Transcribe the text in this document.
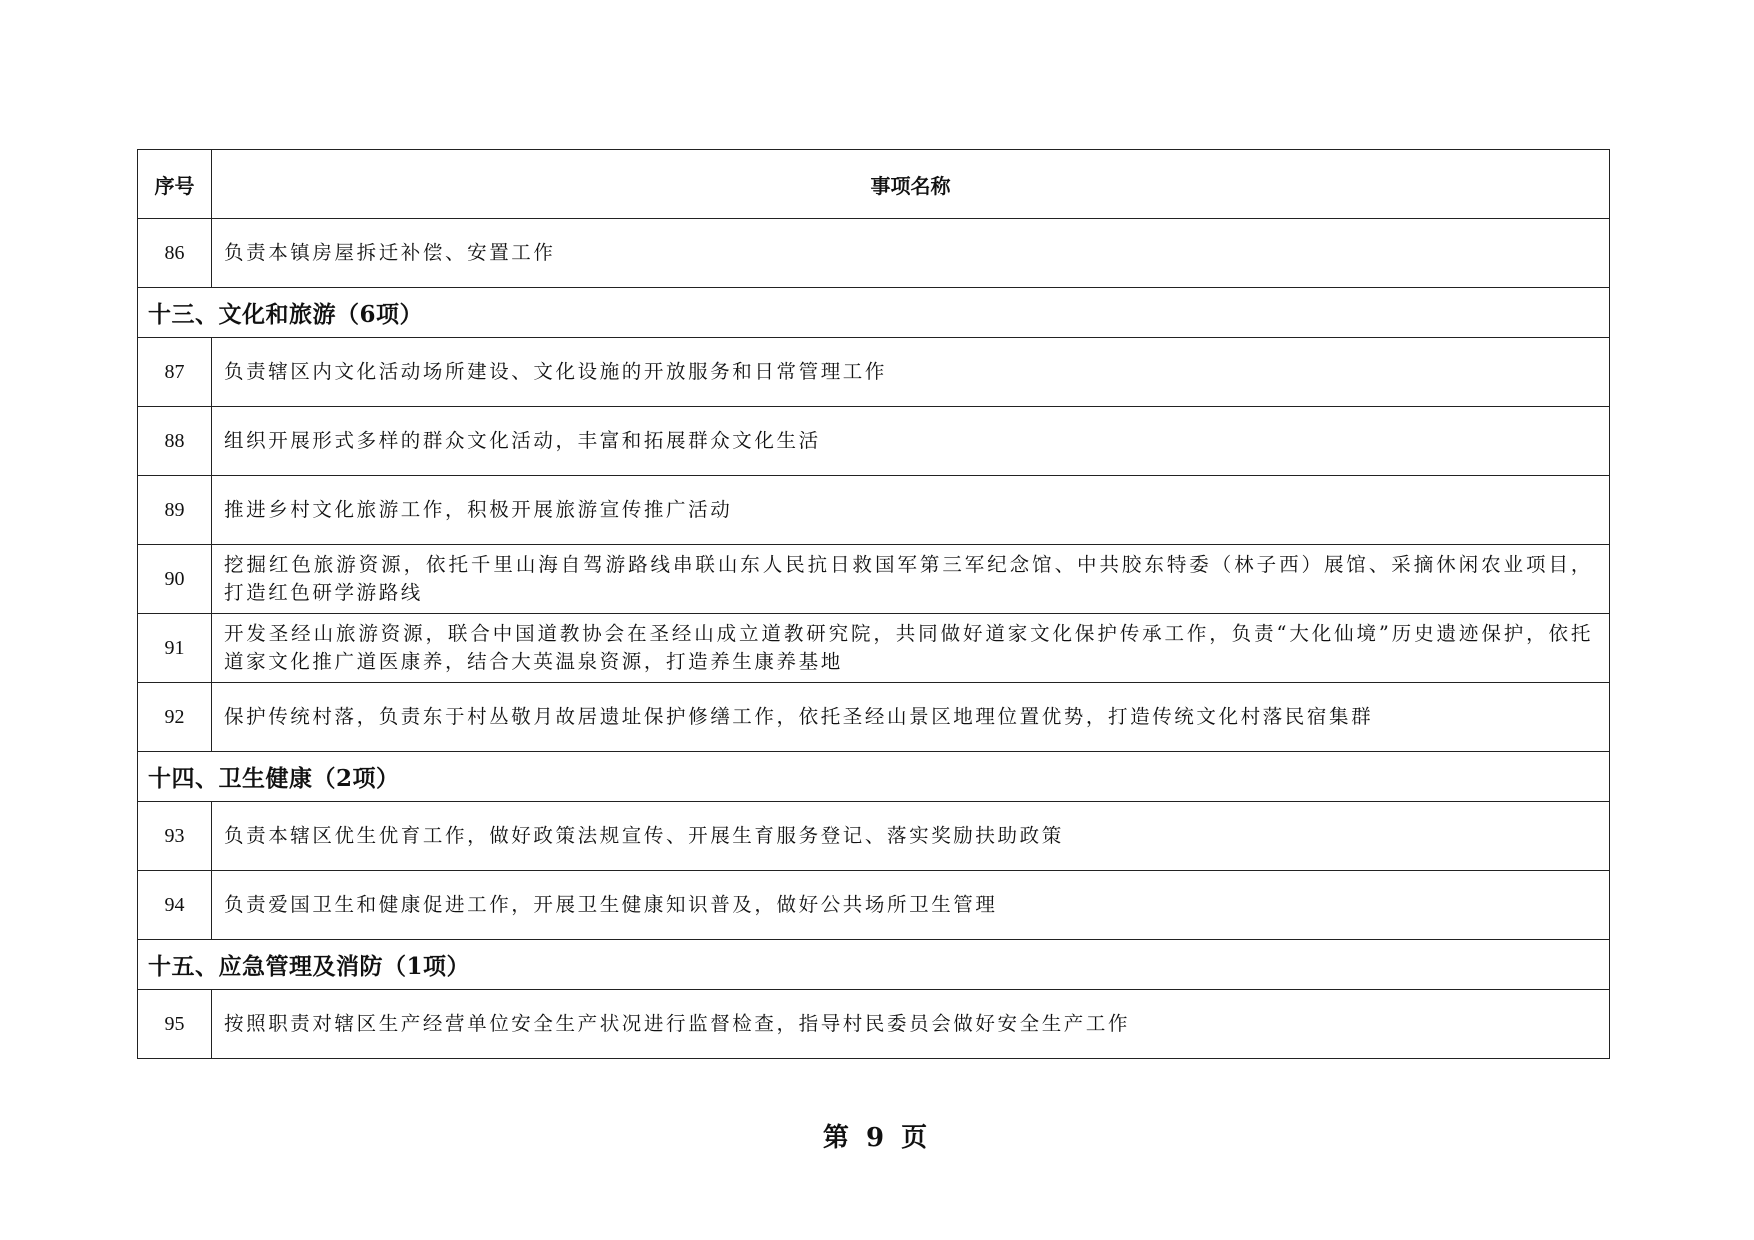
序号	事项名称
86	负责本镇房屋拆迁补偿、安置工作
十三、文化和旅游（6项）	
87	负责辖区内文化活动场所建设、文化设施的开放服务和日常管理工作
88	组织开展形式多样的群众文化活动，丰富和拓展群众文化生活
89	推进乡村文化旅游工作，积极开展旅游宣传推广活动
90	挖掘红色旅游资源，依托千里山海自驾游路线串联山东人民抗日救国军第三军纪念馆、中共胶东特委（林子西）展馆、采摘休闲农业项目，打造红色研学游路线
91	开发圣经山旅游资源，联合中国道教协会在圣经山成立道教研究院，共同做好道家文化保护传承工作，负责“大化仙境”历史遗迹保护，依托道家文化推广道医康养，结合大英温泉资源，打造养生康养基地
92	保护传统村落，负责东于村丛敬月故居遗址保护修缮工作，依托圣经山景区地理位置优势，打造传统文化村落民宿集群
十四、卫生健康（2项）	
93	负责本辖区优生优育工作，做好政策法规宣传、开展生育服务登记、落实奖励扶助政策
94	负责爱国卫生和健康促进工作，开展卫生健康知识普及，做好公共场所卫生管理
十五、应急管理及消防（1项）	
95	按照职责对辖区生产经营单位安全生产状况进行监督检查，指导村民委员会做好安全生产工作
第 9 页
